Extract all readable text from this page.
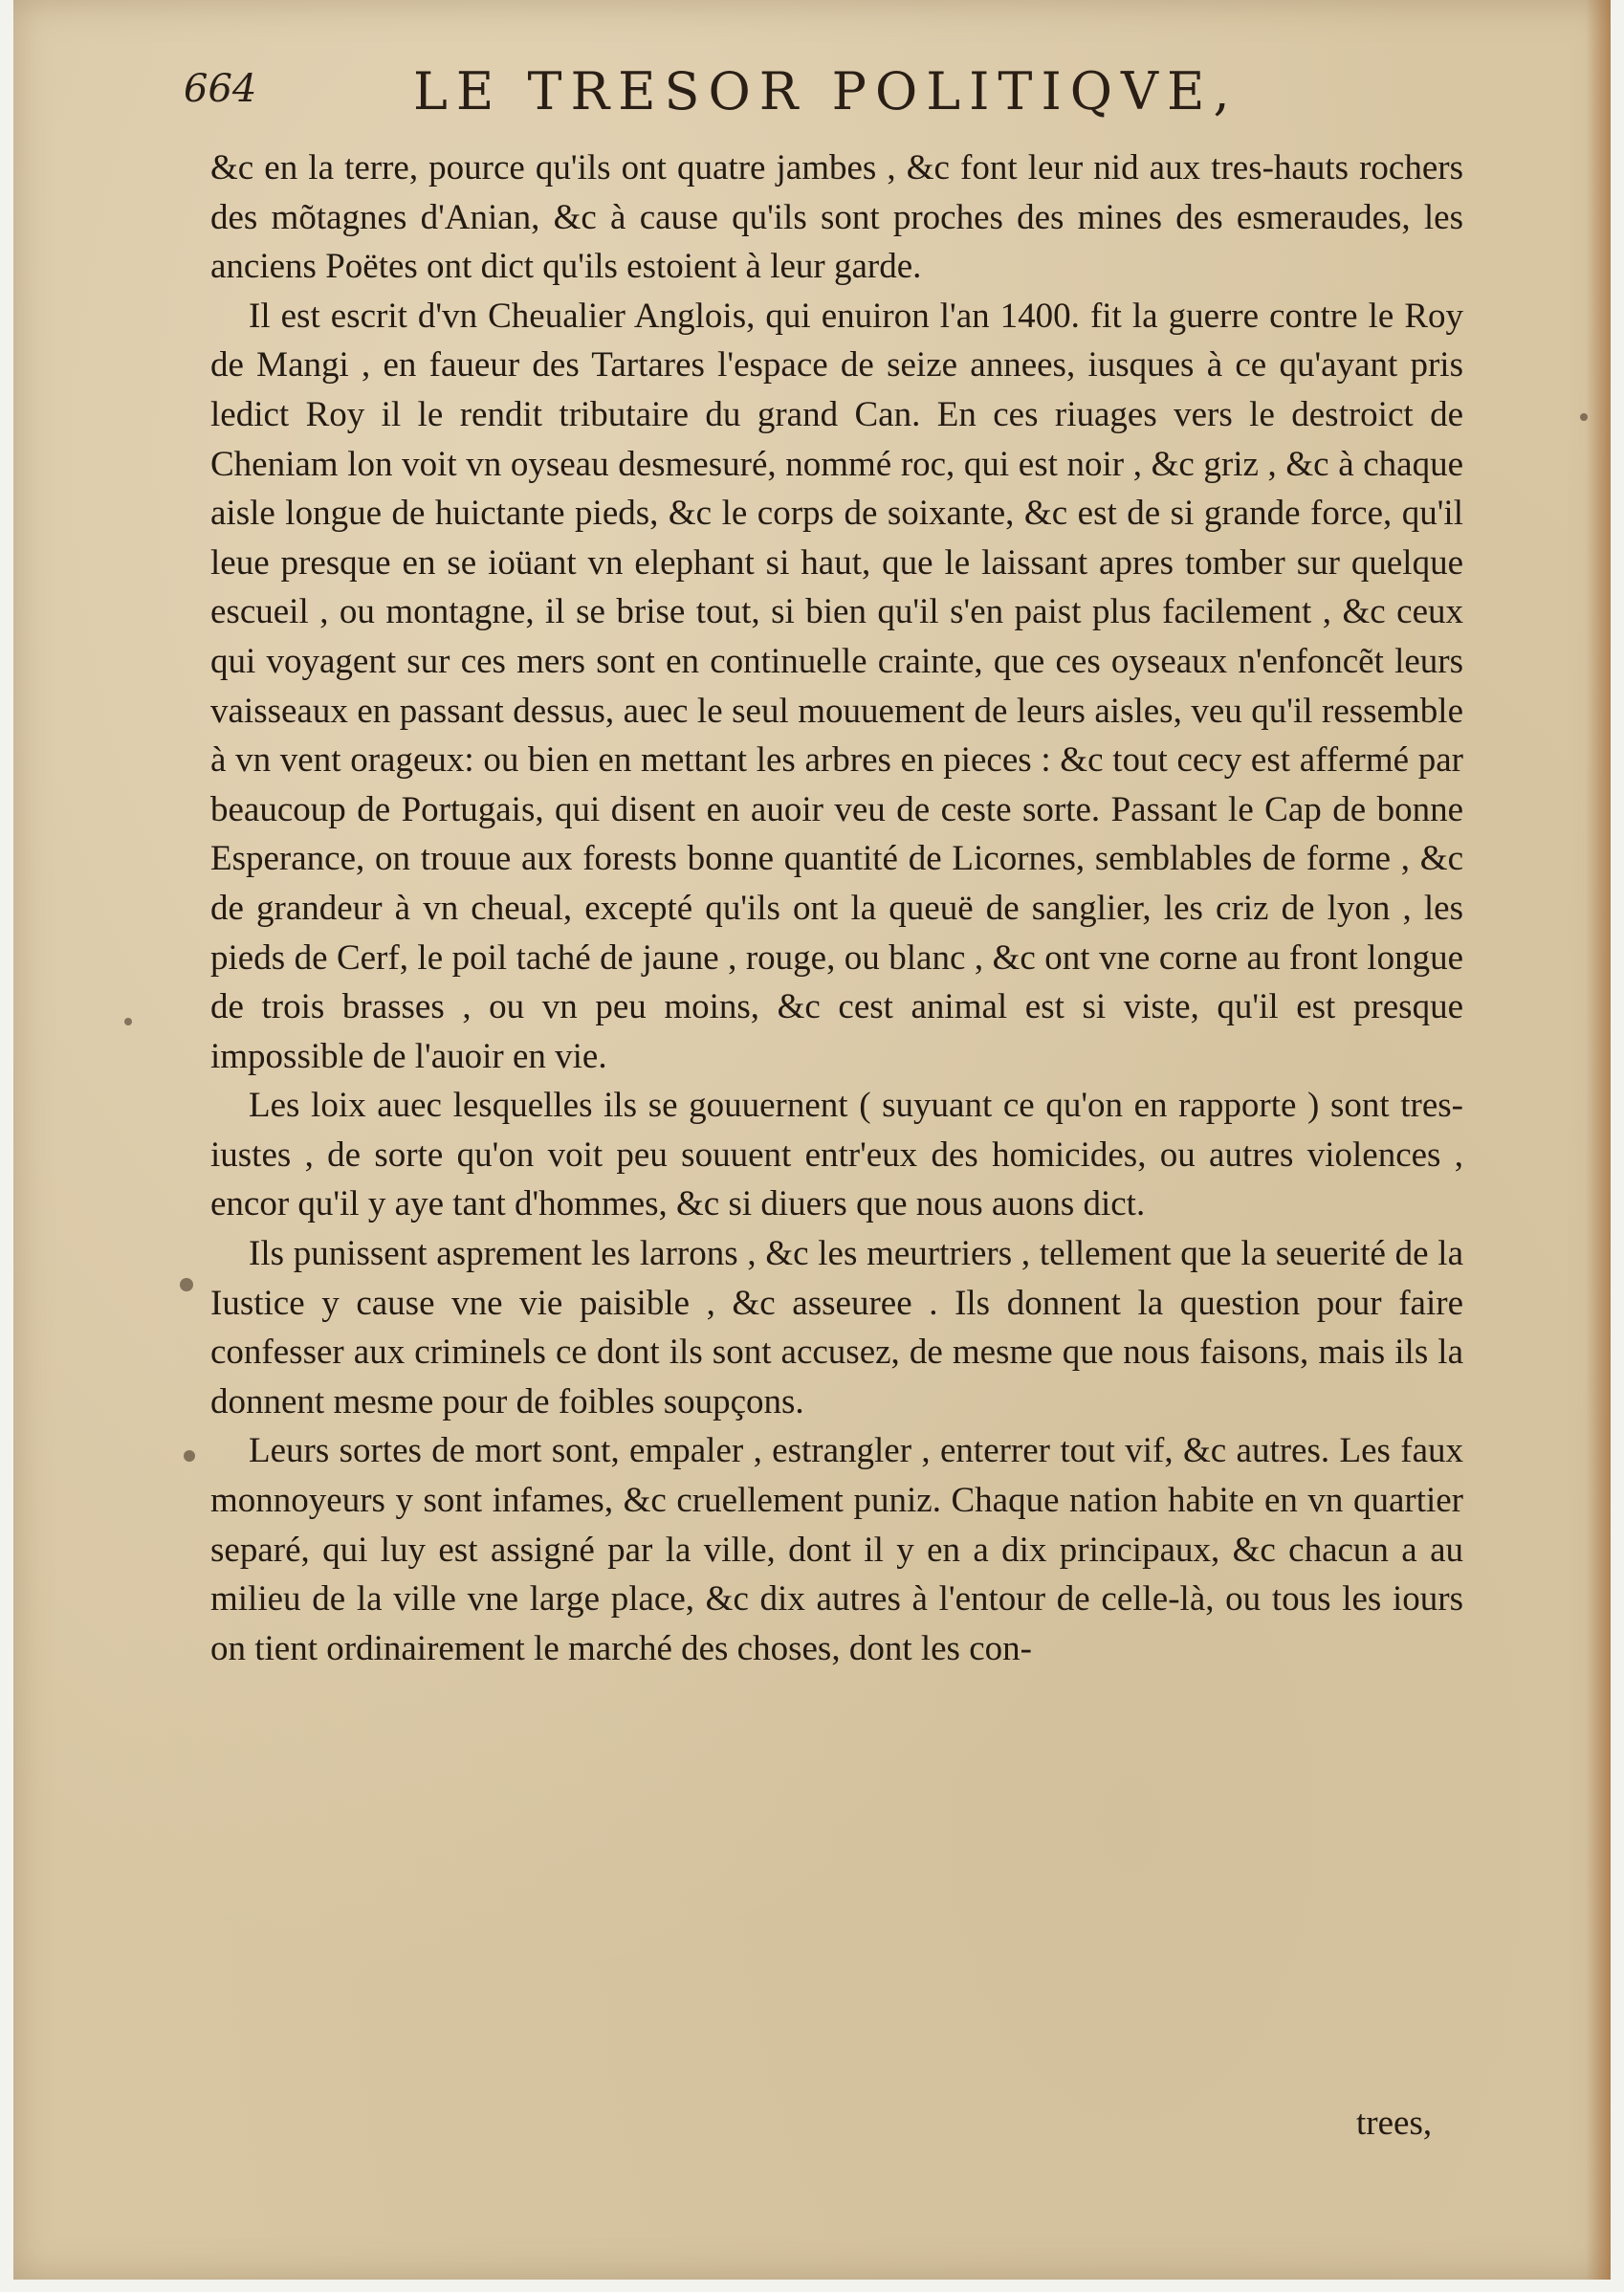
664	LE TRESOR POLITIQVE,

&c en la terre, pource qu'ils ont quatre jambes , &c font leur nid aux tres-hauts rochers des mõtagnes d'Anian, &c à cause qu'ils sont proches des mines des esmeraudes, les anciens Poëtes ont dict qu'ils estoient à leur garde.

Il est escrit d'vn Cheualier Anglois, qui enuiron l'an 1400. fit la guerre contre le Roy de Mangi , en faueur des Tartares l'espace de seize annees, iusques à ce qu'ayant pris ledict Roy il le rendit tributaire du grand Can. En ces riuages vers le destroict de Cheniam lon voit vn oyseau desmesuré, nommé roc, qui est noir , &c griz , &c à chaque aisle longue de huictante pieds, &c le corps de soixante, &c est de si grande force, qu'il leue presque en se ioüant vn elephant si haut, que le laissant apres tomber sur quelque escueil , ou montagne, il se brise tout, si bien qu'il s'en paist plus facilement , &c ceux qui voyagent sur ces mers sont en continuelle crainte, que ces oyseaux n'enfoncẽt leurs vaisseaux en passant dessus, auec le seul mouuement de leurs aisles, veu qu'il ressemble à vn vent orageux: ou bien en mettant les arbres en pieces : &c tout cecy est affermé par beaucoup de Portugais, qui disent en auoir veu de ceste sorte. Passant le Cap de bonne Esperance, on trouue aux forests bonne quantité de Licornes, semblables de forme , &c de grandeur à vn cheual, excepté qu'ils ont la queuë de sanglier, les criz de lyon , les pieds de Cerf, le poil taché de jaune , rouge, ou blanc , &c ont vne corne au front longue de trois brasses , ou vn peu moins, &c cest animal est si viste, qu'il est presque impossible de l'auoir en vie.

Les loix auec lesquelles ils se gouuernent ( suyuant ce qu'on en rapporte ) sont tres-iustes , de sorte qu'on voit peu souuent entr'eux des homicides, ou autres violences , encor qu'il y aye tant d'hommes, &c si diuers que nous auons dict.

Ils punissent asprement les larrons , &c les meurtriers , tellement que la seuerité de la Iustice y cause vne vie paisible , &c asseuree . Ils donnent la question pour faire confesser aux criminels ce dont ils sont accusez, de mesme que nous faisons, mais ils la donnent mesme pour de foibles soupçons.

Leurs sortes de mort sont, empaler , estrangler , enterrer tout vif, &c autres. Les faux monnoyeurs y sont infames, &c cruellement puniz. Chaque nation habite en vn quartier separé, qui luy est assigné par la ville, dont il y en a dix principaux, &c chacun a au milieu de la ville vne large place, &c dix autres à l'entour de celle-là, ou tous les iours on tient ordinairement le marché des choses, dont les con-

trees,
